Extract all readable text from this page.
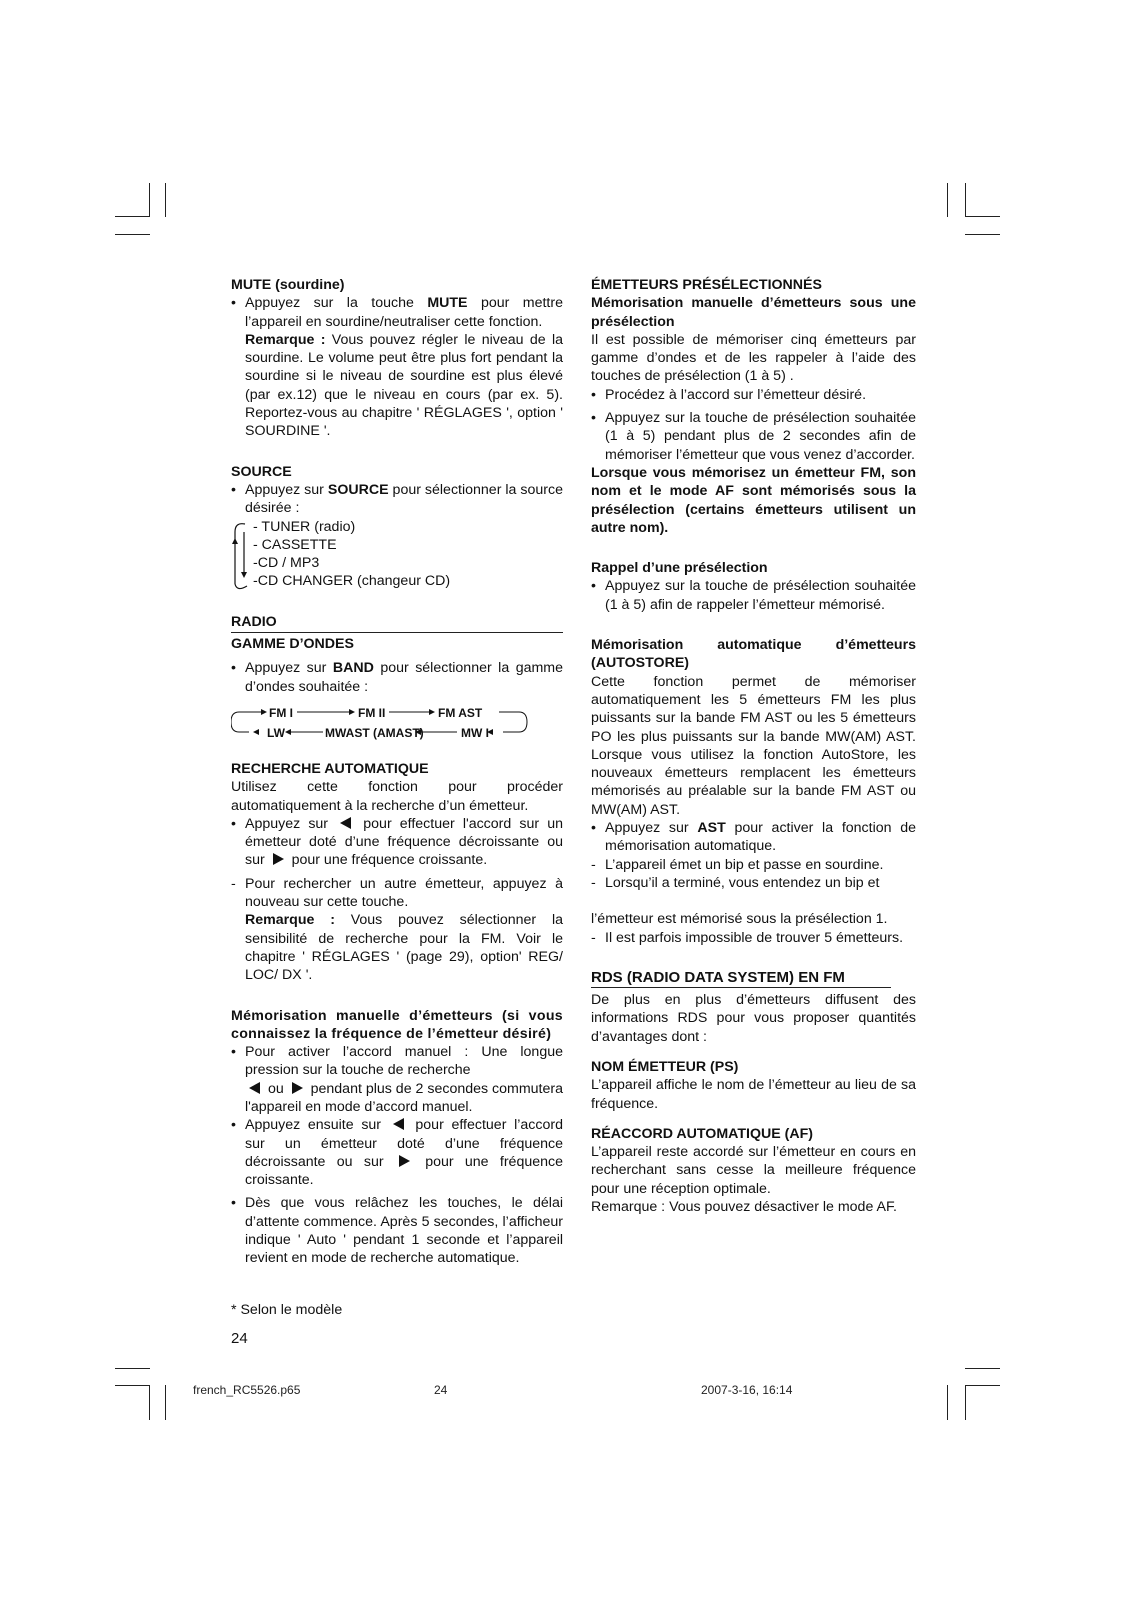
MUTE (sourdine)

• Appuyez sur la touche MUTE pour mettre l’appareil en sourdine/neutraliser cette fonction.
Remarque : Vous pouvez régler le niveau de la sourdine. Le volume peut être plus fort pendant la sourdine si le niveau de sourdine est plus élevé (par ex.12) que le niveau en cours (par ex. 5). Reportez-vous au chapitre ' RÉGLAGES ', option ' SOURDINE '.

SOURCE

• Appuyez sur SOURCE pour sélectionner la source désirée :
- TUNER (radio)
- CASSETTE
-CD / MP3
-CD CHANGER (changeur CD)

RADIO

GAMME D’ONDES

• Appuyez sur BAND pour sélectionner la gamme d’ondes souhaitée :
FM I	FM II	FM AST
LW	MWAST (AMAST)	MW I

RECHERCHE AUTOMATIQUE

Utilisez cette fonction pour procéder automatiquement à la recherche d’un émetteur.

• Appuyez sur  pour effectuer l'accord sur un émetteur doté d’une fréquence décroissante ou sur  pour une fréquence croissante.
- Pour rechercher un autre émetteur, appuyez à nouveau sur cette touche.
Remarque : Vous pouvez sélectionner la sensibilité de recherche pour la FM. Voir le chapitre ' RÉGLAGES ' (page 29), option' REG/ LOC/ DX '.

Mémorisation manuelle d’émetteurs (si vous connaissez la fréquence de l’émetteur désiré)

• Pour activer l’accord manuel : Une longue pression sur la touche de recherche
ou  pendant plus de 2 secondes commutera l'appareil en mode d’accord manuel.
• Appuyez ensuite sur  pour effectuer l’accord sur un émetteur doté d’une fréquence décroissante ou sur  pour une fréquence croissante.
• Dès que vous relâchez les touches, le délai d’attente commence. Après 5 secondes, l’afficheur indique ' Auto ' pendant 1 seconde et l’appareil revient en mode de recherche automatique.
* Selon le modèle
24

ÉMETTEURS PRÉSÉLECTIONNÉS

Mémorisation manuelle d’émetteurs sous une présélection

Il est possible de mémoriser cinq émetteurs par gamme d’ondes et de les rappeler à l’aide des touches de présélection (1 à 5) .

• Procédez à l’accord sur l’émetteur désiré.
• Appuyez sur la touche de présélection souhaitée (1 à 5) pendant plus de 2 secondes afin de mémoriser l’émetteur que vous venez d’accorder.

Lorsque vous mémorisez un émetteur FM, son nom et le mode AF sont mémorisés sous la présélection (certains émetteurs utilisent un autre nom).

Rappel d’une présélection

• Appuyez sur la touche de présélection souhaitée (1 à 5) afin de rappeler l’émetteur mémorisé.

Mémorisation automatique d’émetteurs (AUTOSTORE)

Cette fonction permet de mémoriser automatiquement les 5 émetteurs FM les plus puissants sur la bande FM AST ou les 5 émetteurs PO les plus puissants sur la bande MW(AM) AST. Lorsque vous utilisez la fonction AutoStore, les nouveaux émetteurs remplacent les émetteurs mémorisés au préalable sur la bande FM AST ou MW(AM) AST.

• Appuyez sur AST pour activer la fonction de mémorisation automatique.
- L’appareil émet un bip et passe en sourdine.
- Lorsqu’il a terminé, vous entendez un bip et

l’émetteur est mémorisé sous la présélection 1.

- Il est parfois impossible de trouver 5 émetteurs.

RDS (RADIO DATA SYSTEM) EN FM

De plus en plus d’émetteurs diffusent des informations RDS pour vous proposer quantités d’avantages dont :

NOM ÉMETTEUR (PS)

L’appareil affiche le nom de l’émetteur au lieu de sa fréquence.

RÉACCORD AUTOMATIQUE (AF)

L’appareil reste accordé sur l’émetteur en cours en recherchant sans cesse la meilleure fréquence pour une réception optimale.

Remarque : Vous pouvez désactiver le mode AF.

french_RC5526.p65	24	2007-3-16, 16:14
